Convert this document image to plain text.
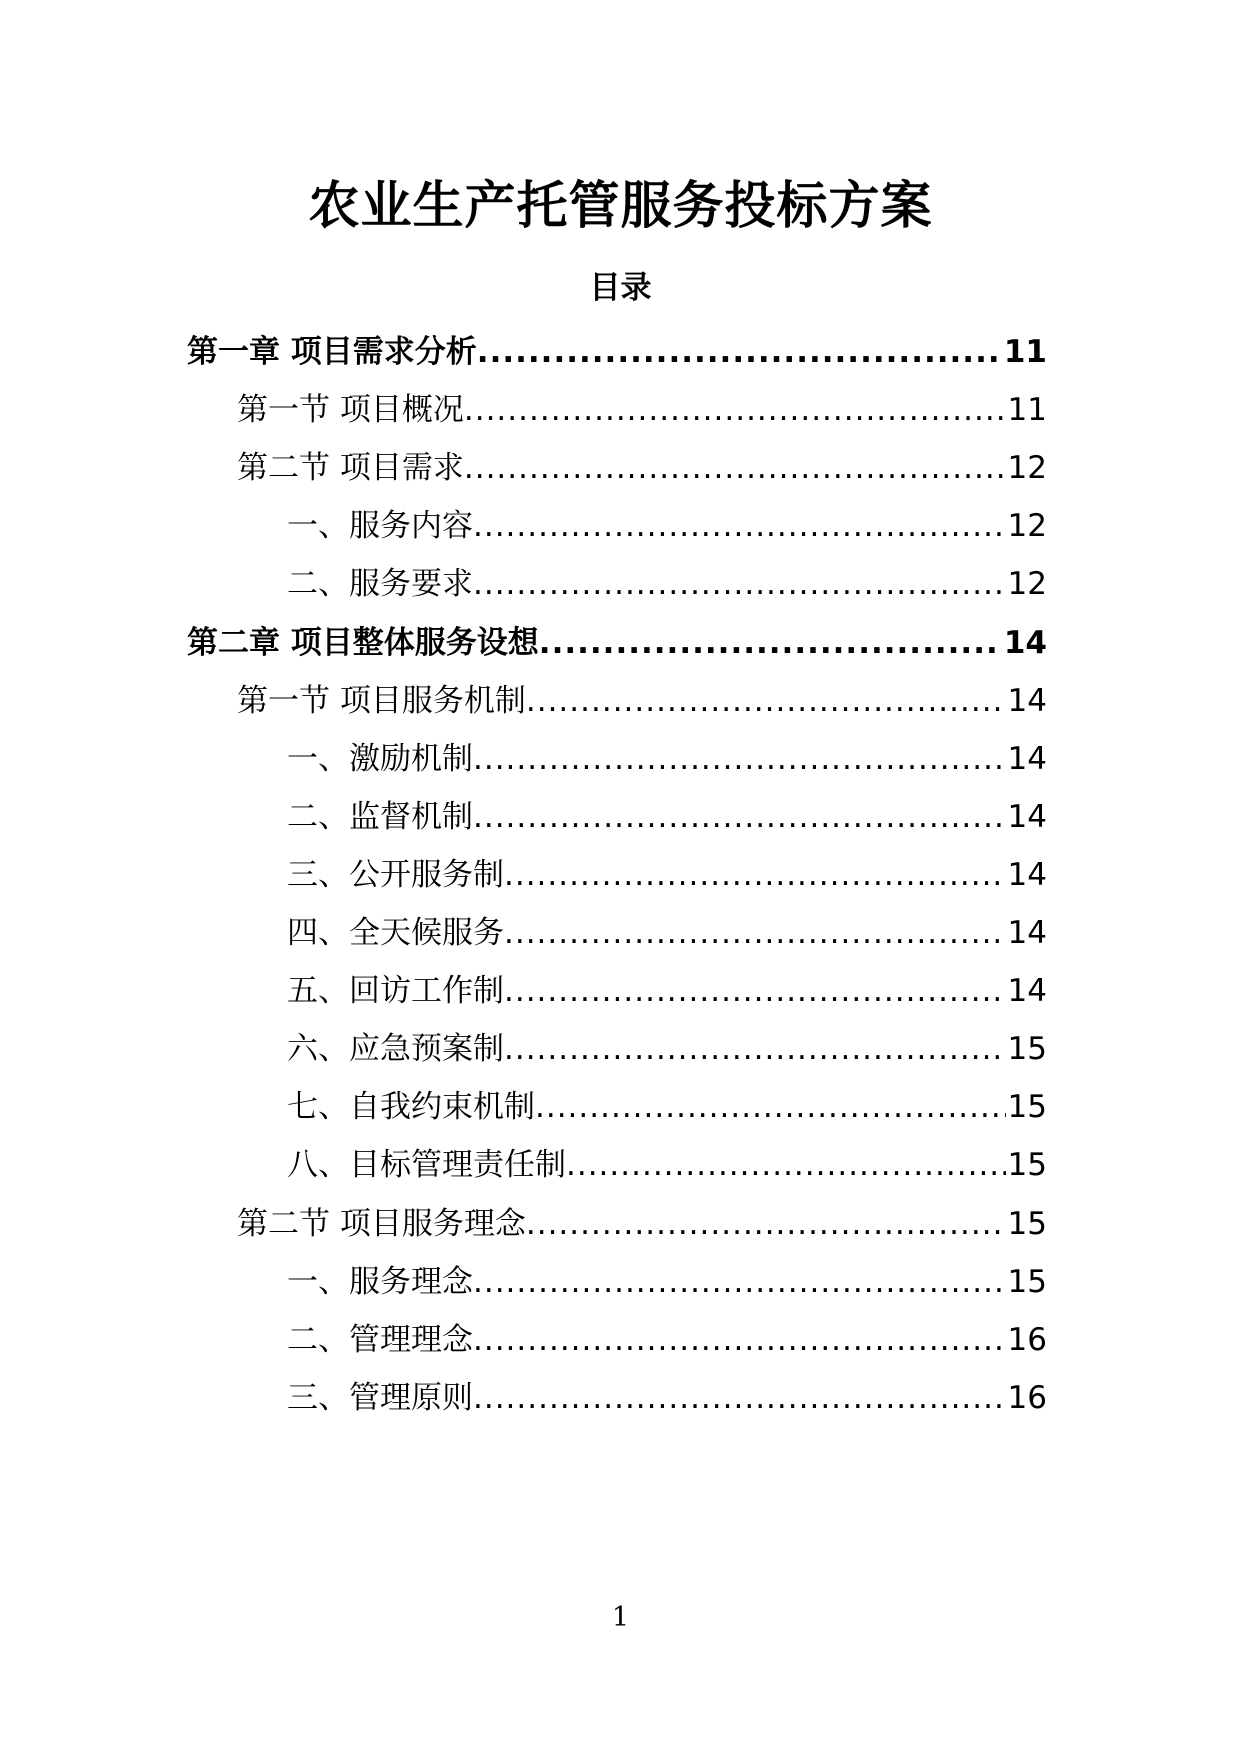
农业生产托管服务投标方案
目录
第一章 项目需求分析 .....	11
第一节 项目概况 .....	11
第二节 项目需求 .....	12
一、服务内容 .....	12
二、服务要求 .....	12
第二章 项目整体服务设想 .....	14
第一节 项目服务机制 .....	14
一、激励机制 .....	14
二、监督机制 .....	14
三、公开服务制 .....	14
四、全天候服务 .....	14
五、回访工作制 .....	14
六、应急预案制 .....	15
七、自我约束机制 .....	15
八、目标管理责任制 .....	15
第二节 项目服务理念 .....	15
一、服务理念 .....	15
二、管理理念 .....	16
三、管理原则 .....	16
1
